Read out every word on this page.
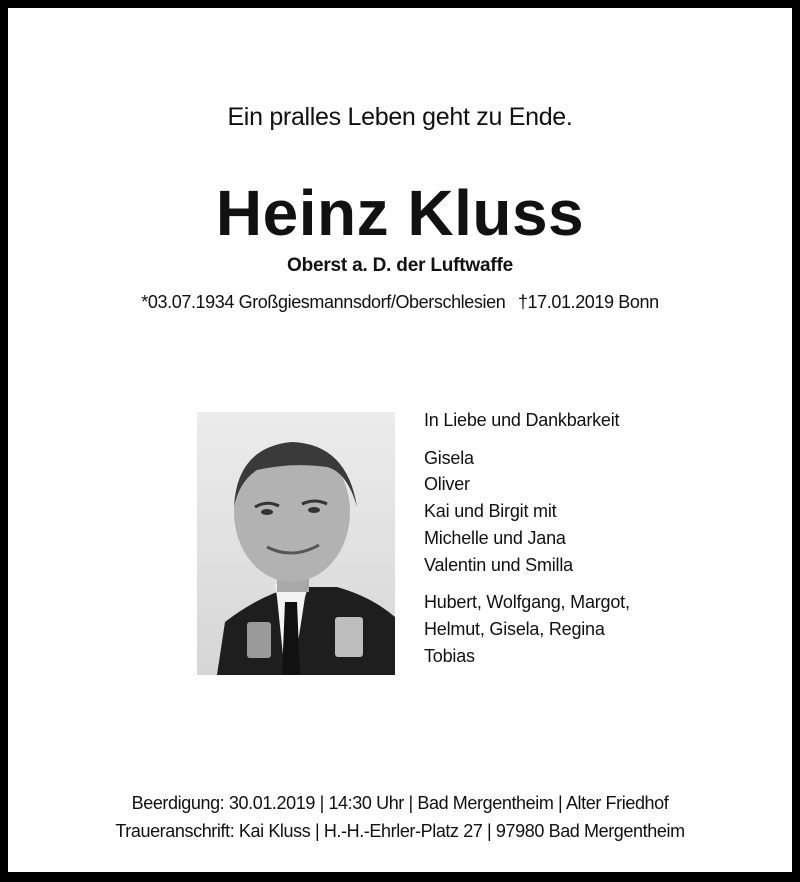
Ein pralles Leben geht zu Ende.
Heinz Kluss
Oberst a. D. der Luftwaffe
*03.07.1934 Großgiesmannsdorf/Oberschlesien †17.01.2019 Bonn
In Liebe und Dankbarkeit
Gisela
Oliver
Kai und Birgit mit
Michelle und Jana
Valentin und Smilla
Hubert, Wolfgang, Margot,
Helmut, Gisela, Regina
Tobias
Beerdigung: 30.01.2019 | 14:30 Uhr | Bad Mergentheim | Alter Friedhof
Traueranschrift: Kai Kluss | H.-H.-Ehrler-Platz 27 | 97980 Bad Mergentheim
